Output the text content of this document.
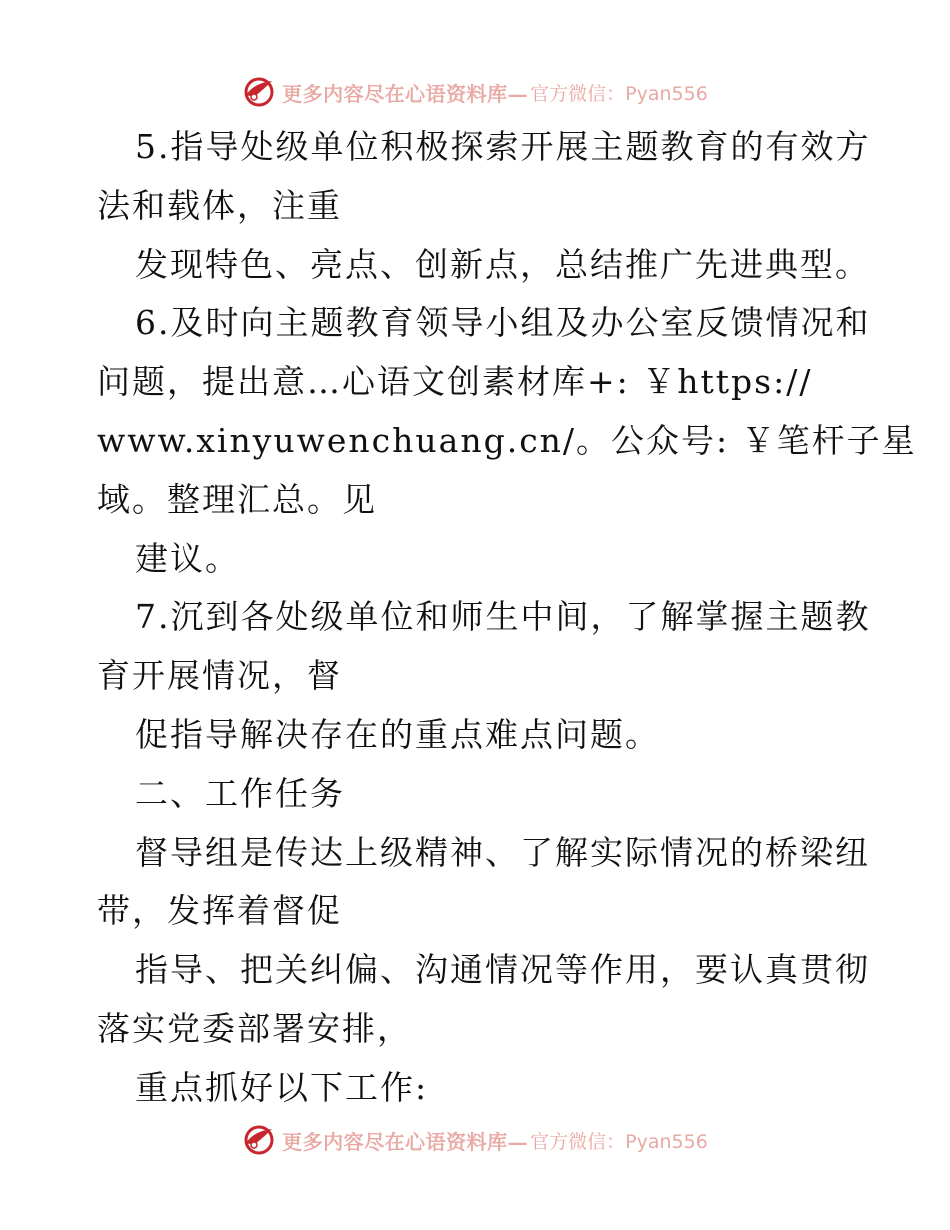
更多内容尽在心语资料库— 官方微信：Pyan556
5.指导处级单位积极探索开展主题教育的有效方
法和载体，注重
发现特色、亮点、创新点，总结推广先进典型。
6.及时向主题教育领导小组及办公室反馈情况和
问题，提出意…心语文创素材库+: ￥https://
www.xinyuwenchuang.cn/。公众号: ￥笔杆子星
域。整理汇总。见
建议。
7.沉到各处级单位和师生中间，了解掌握主题教
育开展情况，督
促指导解决存在的重点难点问题。
二、工作任务
督导组是传达上级精神、了解实际情况的桥梁纽
带，发挥着督促
指导、把关纠偏、沟通情况等作用，要认真贯彻
落实党委部署安排，
重点抓好以下工作:
更多内容尽在心语资料库— 官方微信：Pyan556
